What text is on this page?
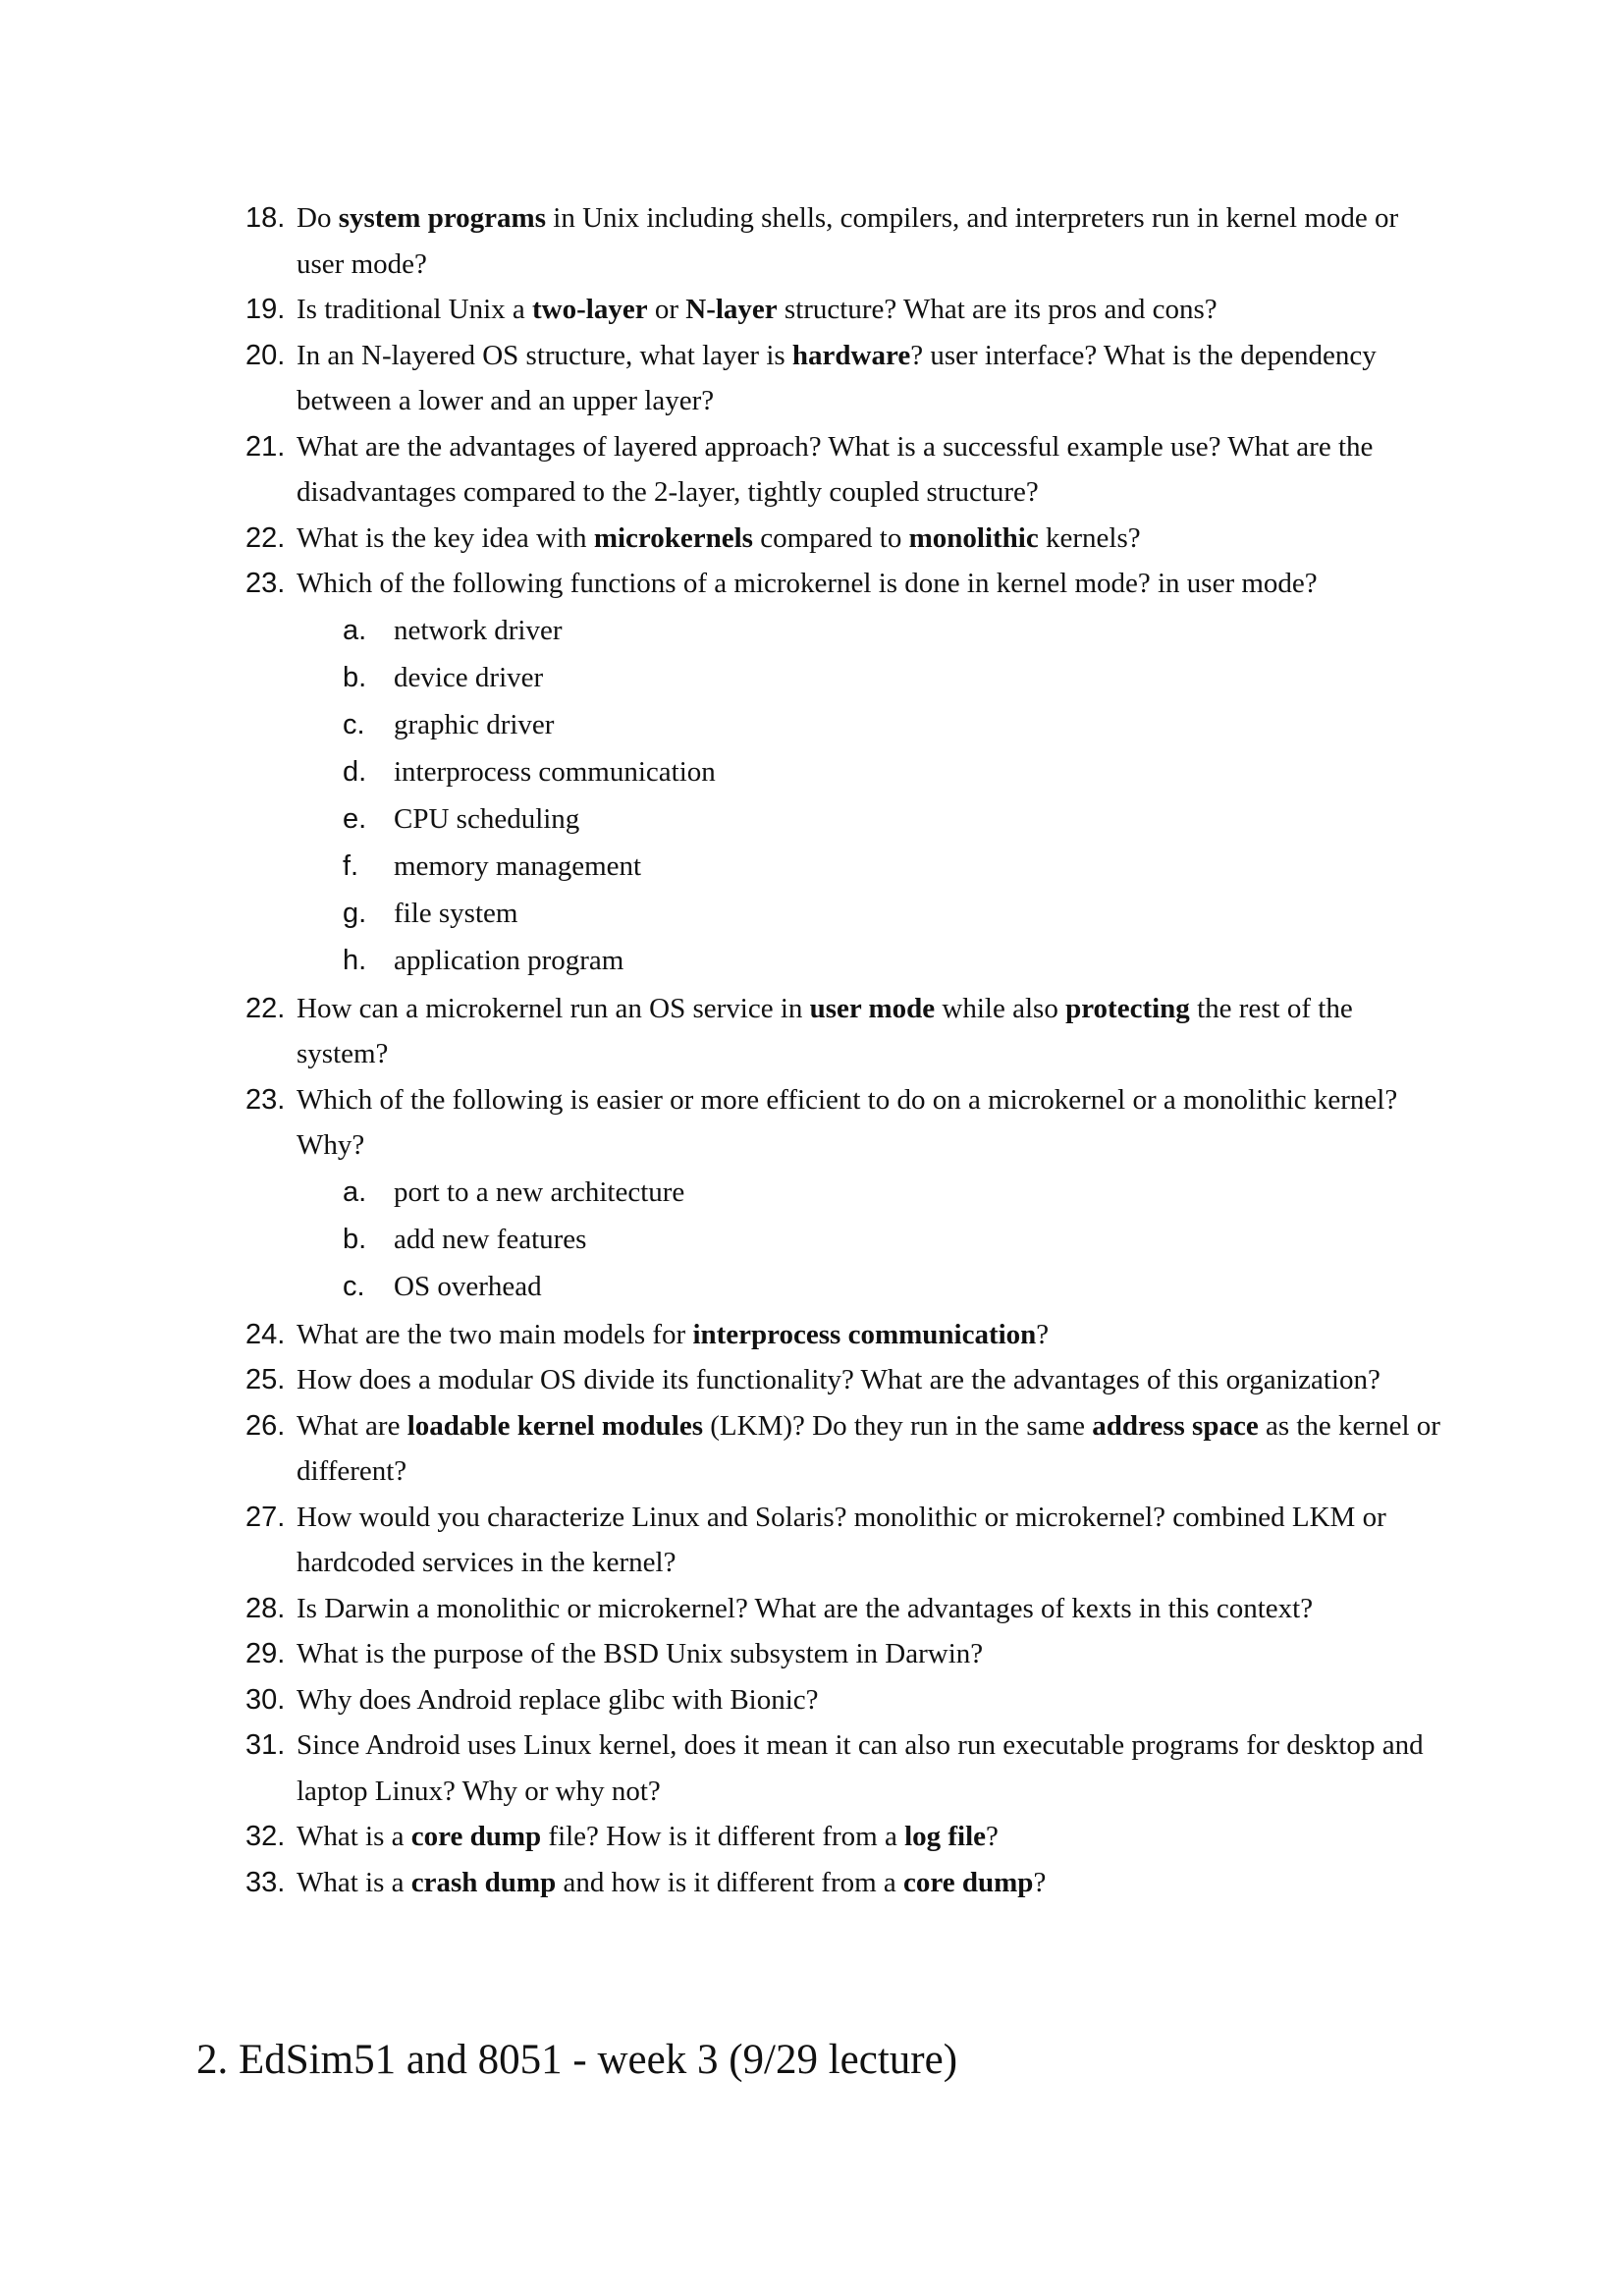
18. Do system programs in Unix including shells, compilers, and interpreters run in kernel mode or user mode?
19. Is traditional Unix a two-layer or N-layer structure? What are its pros and cons?
20. In an N-layered OS structure, what layer is hardware? user interface? What is the dependency between a lower and an upper layer?
21. What are the advantages of layered approach? What is a successful example use? What are the disadvantages compared to the 2-layer, tightly coupled structure?
22. What is the key idea with microkernels compared to monolithic kernels?
23. Which of the following functions of a microkernel is done in kernel mode? in user mode?
a. network driver
b. device driver
c. graphic driver
d. interprocess communication
e. CPU scheduling
f. memory management
g. file system
h. application program
22. How can a microkernel run an OS service in user mode while also protecting the rest of the system?
23. Which of the following is easier or more efficient to do on a microkernel or a monolithic kernel? Why?
a. port to a new architecture
b. add new features
c. OS overhead
24. What are the two main models for interprocess communication?
25. How does a modular OS divide its functionality? What are the advantages of this organization?
26. What are loadable kernel modules (LKM)? Do they run in the same address space as the kernel or different?
27. How would you characterize Linux and Solaris? monolithic or microkernel? combined LKM or hardcoded services in the kernel?
28. Is Darwin a monolithic or microkernel? What are the advantages of kexts in this context?
29. What is the purpose of the BSD Unix subsystem in Darwin?
30. Why does Android replace glibc with Bionic?
31. Since Android uses Linux kernel, does it mean it can also run executable programs for desktop and laptop Linux? Why or why not?
32. What is a core dump file? How is it different from a log file?
33. What is a crash dump and how is it different from a core dump?
2. EdSim51 and 8051 - week 3 (9/29 lecture)
